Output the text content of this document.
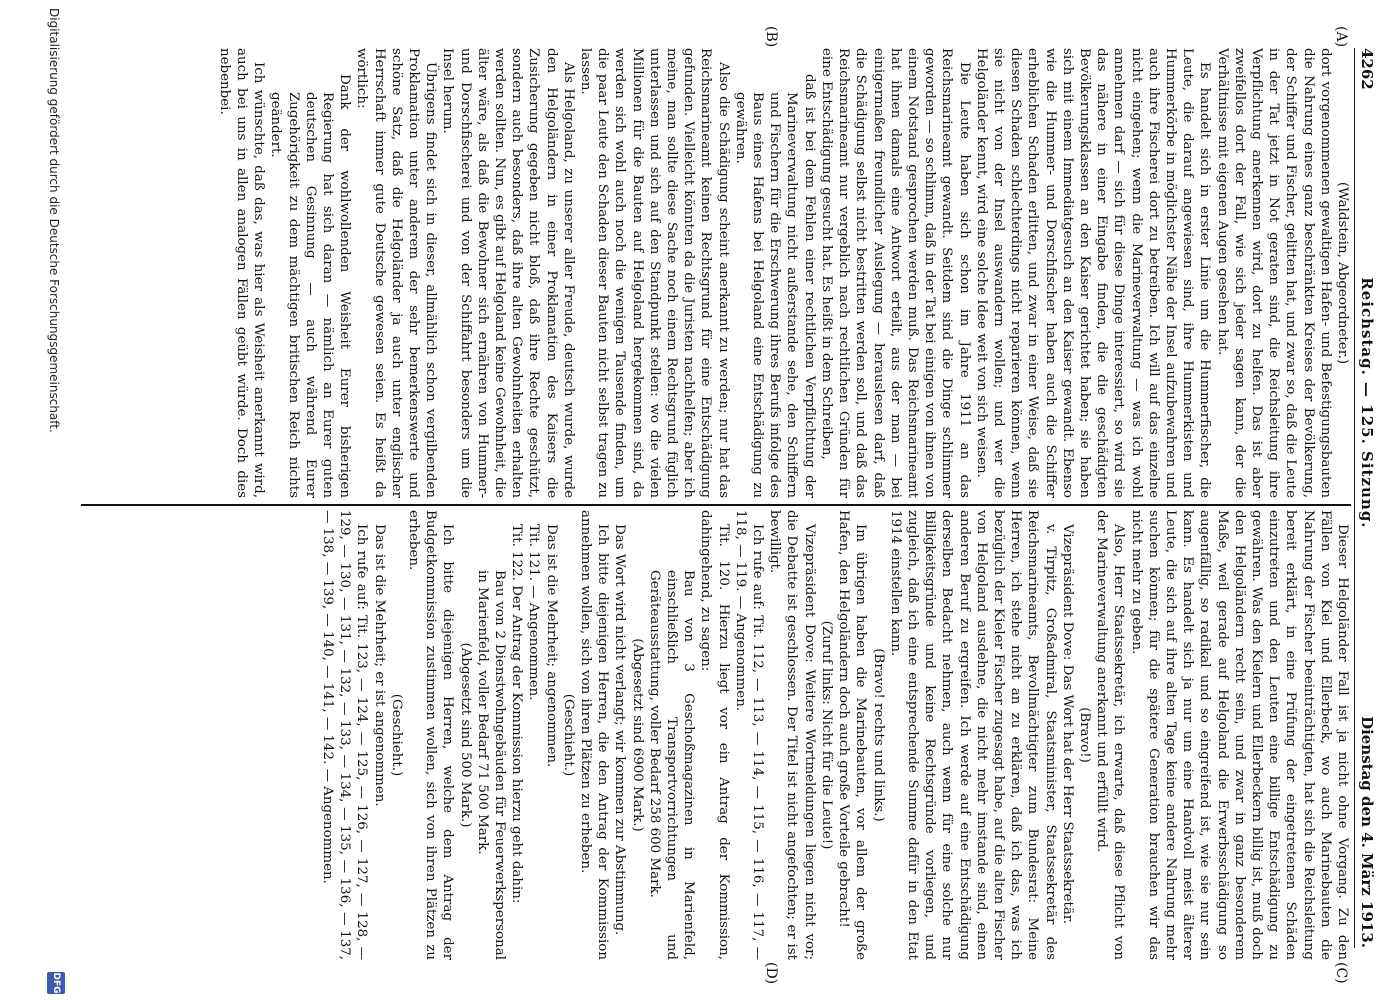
4262
Reichstag. — 125. Sitzung.
Dienstag den 4. März 1913.
(A)
(B)
(C)
(D)

(Waldstein, Abgeordneter.)

dort vorgenommenen gewaltigen Hafen- und Befestigungsbauten die Nahrung eines ganz beschränkten Kreises der Bevölkerung, der Schiffer und Fischer, gelitten hat, und zwar so, daß die Leute in der Tat jetzt in Not geraten sind, die Reichsleitung ihre Verpflichtung anerkennen wird, dort zu helfen. Das ist aber zweifellos dort der Fall, wie sich jeder sagen kann, der die Verhältnisse mit eigenen Augen gesehen hat.

Es handelt sich in erster Linie um die Hummerfischer, die Leute, die darauf angewiesen sind, ihre Hummerkisten und Hummerkörbe in möglichster Nähe der Insel aufzubewahren und auch ihre Fischerei dort zu betreiben. Ich will auf das einzelne nicht eingehen; wenn die Marineverwaltung — was ich wohl annehmen darf — sich für diese Dinge interessiert, so wird sie das nähere in einer Eingabe finden, die die geschädigten Bevölkerungsklassen an den Kaiser gerichtet haben; sie haben sich mit einem Immediatgesuch an den Kaiser gewandt. Ebenso wie die Hummer- und Dorschfischer haben auch die Schiffer erheblichen Schaden erlitten, und zwar in einer Weise, daß sie diesen Schaden schlechterdings nicht reparieren können, wenn sie nicht von der Insel auswandern wollen; und wer die Helgoländer kennt, wird eine solche Idee weit von sich weisen.

Die Leute haben sich schon im Jahre 1911 an das Reichsmarineamt gewandt. Seitdem sind die Dinge schlimmer geworden — so schlimm, daß in der Tat bei einigen von ihnen von einem Notstand gesprochen werden muß. Das Reichsmarineamt hat ihnen damals eine Antwort erteilt, aus der man — bei einigermaßen freundlicher Auslegung — herauslesen darf, daß die Schädigung selbst nicht bestritten werden soll, und daß das Reichsmarineamt nur vergeblich nach rechtlichen Gründen für eine Entschädigung gesucht hat. Es heißt in dem Schreiben,

daß ist bei dem Fehlen einer rechtlichen Verpflichtung der Marineverwaltung nicht außerstande sehe, den Schiffern und Fischern für die Erschwerung ihres Berufs infolge des Baus eines Hafens bei Helgoland eine Entschädigung zu gewähren.

Also die Schädigung scheint anerkannt zu werden; nur hat das Reichsmarineamt keinen Rechtsgrund für eine Entschädigung gefunden. Vielleicht könnten da die Juristen nachhelfen; aber ich meine, man sollte diese Sache noch einem Rechtsgrund füglich unterlassen und sich auf den Standpunkt stellen: wo die vielen Millionen für die Bauten auf Helgoland hergekommen sind, da werden sich wohl auch noch die wenigen Tausende finden, um die paar Leute den Schaden dieser Bauten nicht selbst tragen zu lassen.

Als Helgoland, zu unserer aller Freude, deutsch wurde, wurde den Helgoländern in einer Proklamation des Kaisers die Zusicherung gegeben nicht bloß, daß ihre Rechte geschützt, sondern auch besonders, daß ihre alten Gewohnheiten erhalten werden sollten. Nun, es gibt auf Helgoland keine Gewohnheit, die älter wäre, als daß die Bewohner sich ernähren von Hummer- und Dorschfischerei und von der Schiffahrt besonders um die Insel herum.

Übrigens findet sich in dieser, allmählich schon vergilbenden Proklamation unter anderem der sehr bemerkenswerte und schöne Satz, daß die Helgoländer ja auch unter englischer Herrschaft immer gute Deutsche gewesen seien. Es heißt da wörtlich:

Dank der wohlwollenden Weisheit Eurer bisherigen Regierung hat sich daran — nämlich an Eurer guten deutschen Gesinnung — auch während Eurer Zugehörigkeit zu dem mächtigen britischen Reich nichts geändert.

Ich wünschte, daß das, was hier als Weisheit anerkannt wird, auch bei uns in allen analogen Fällen geübt würde. Doch dies nebenbei.

Dieser Helgoländer Fall ist ja nicht ohne Vorgang. Zu den Fällen von Kiel und Ellerbeck, wo auch Marinebauten die Nahrung der Fischer beeinträchtigten, hat sich die Reichsleitung bereit erklärt, in eine Prüfung der eingetretenen Schäden einzutreten und den Leuten eine billige Entschädigung zu gewähren. Was den Kielern und Ellerbeckern billig ist, muß doch den Helgoländern recht sein, und zwar in ganz besonderem Maße, weil gerade auf Helgoland die Erwerbsschädigung so augenfällig, so radikal und so eingreifend ist, wie sie nur sein kann. Es handelt sich ja nur um eine Handvoll meist älterer Leute, die sich auf ihre alten Tage keine andere Nahrung mehr suchen können; für die spätere Generation brauchen wir das nicht mehr zu geben.

Also, Herr Staatssekretär, ich erwarte, daß diese Pflicht von der Marineverwaltung anerkannt und erfüllt wird.

(Bravo!)

Vizepräsident Dove: Das Wort hat der Herr Staatssekretär.

v. Tirpitz, Großadmiral, Staatsminister, Staatssekretär des Reichsmarineamts, Bevollmächtigter zum Bundesrat: Meine Herren, ich stehe nicht an zu erklären, daß ich das, was ich bezüglich der Kieler Fischer zugesagt habe, auf die alten Fischer von Helgoland ausdehne, die nicht mehr imstande sind, einen anderen Beruf zu ergreifen. Ich werde auf eine Entschädigung derselben Bedacht nehmen, auch wenn für eine solche nur Billigkeitsgründe und keine Rechtsgründe vorliegen, und zugleich, daß ich eine entsprechende Summe dafür in den Etat 1914 einstellen kann.

(Bravo! rechts und links.)

Im übrigen haben die Marinebauten, vor allem der große Hafen, den Helgoländern doch auch große Vorteile gebracht!

(Zuruf links: Nicht für die Leute!)

Vizepräsident Dove: Weitere Wortmeldungen liegen nicht vor; die Debatte ist geschlossen. Der Titel ist nicht angefochten; er ist bewilligt.

Ich rufe auf: Tit. 112, — 113, — 114, — 115, — 116, — 117, — 118, — 119. — Angenommen.

Tit. 120. Hierzu liegt vor ein Antrag der Kommission, dahingehend, zu sagen:

Bau von 3 Geschoßmagazinen in Marienfeld, einschließlich Transportvorrichtungen und Geräteausstattung, voller Bedarf 258 600 Mark.

(Abgesetzt sind 6900 Mark.)

Das Wort wird nicht verlangt; wir kommen zur Abstimmung.

Ich bitte diejenigen Herren, die den Antrag der Kommission annehmen wollen, sich von ihren Plätzen zu erheben.

(Geschieht.)

Das ist die Mehrheit; angenommen.

Tit. 121. — Angenommen.

Tit. 122. Der Antrag der Kommission hierzu geht dahin:

Bau von 2 Dienstwohngebäuden für Feuerwerkspersonal in Marienfeld, voller Bedarf 71 500 Mark.

(Abgesetzt sind 500 Mark.)

Ich bitte diejenigen Herren, welche dem Antrag der Budgetkommission zustimmen wollen, sich von ihren Plätzen zu erheben.

(Geschieht.)

Das ist die Mehrheit; er ist angenommen.

Ich rufe auf: Tit. 123, — 124, — 125, — 126, — 127, — 128, — 129, — 130, — 131, — 132, — 133, — 134, — 135, — 136, — 137, — 138, — 139, — 140, — 141, — 142. — Angenommen.

Digitalisierung gefördert durch die Deutsche Forschungsgemeinschaft.
DFG
